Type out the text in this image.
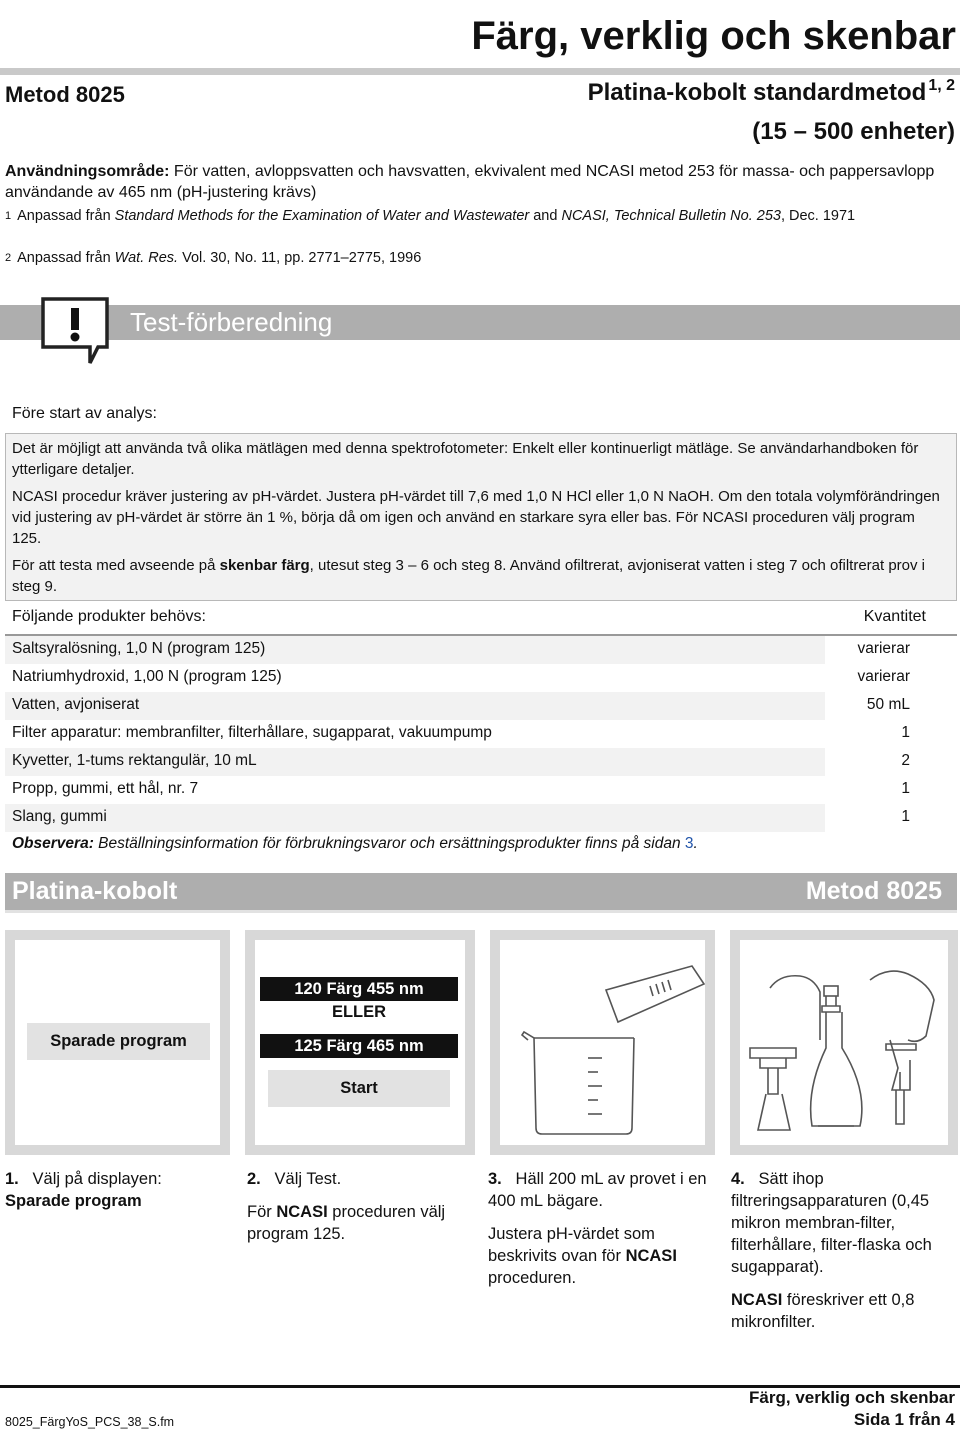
Färg, verklig och skenbar
Metod 8025	Platina-kobolt standardmetod $^{1, 2}$
(15 – 500 enheter)
Användningsområde: För vatten, avloppsvatten och havsvatten, ekvivalent med NCASI metod 253 för massa- och pappersavlopp användande av 465 nm (pH-justering krävs)
$^1$ Anpassad från Standard Methods for the Examination of Water and Wastewater and NCASI, Technical Bulletin No. 253, Dec. 1971
$^2$ Anpassad från Wat. Res. Vol. 30, No. 11, pp. 2771–2775, 1996
Test-förberedning
Före start av analys:
Det är möjligt att använda två olika mätlägen med denna spektrofotometer: Enkelt eller kontinuerligt mätläge. Se användarhandboken för ytterligare detaljer.
NCASI procedur kräver justering av pH-värdet. Justera pH-värdet till 7,6 med 1,0 N HCl eller 1,0 N NaOH. Om den totala volymförändringen vid justering av pH-värdet är större än 1 %, börja då om igen och använd en starkare syra eller bas. För NCASI proceduren välj program 125.
För att testa med avseende på skenbar färg, utesut steg 3 – 6 och steg 8. Använd ofiltrerat, avjoniserat vatten i steg 7 och ofiltrerat prov i steg 9.
Följande produkter behövs:	Kvantitet
Saltsyralösning, 1,0 N (program 125)	varierar
Natriumhydroxid, 1,00 N (program 125)	varierar
Vatten, avjoniserat	50 mL
Filter apparatur: membranfilter, filterhållare, sugapparat, vakuumpump	1
Kyvetter, 1-tums rektangulär, 10 mL	2
Propp, gummi, ett hål, nr. 7	1
Slang, gummi	1
Observera: Beställningsinformation för förbrukningsvaror och ersättningsprodukter finns på sidan 3.
Platina-kobolt	Metod 8025
Sparade program
120 Färg 455 nm
ELLER
125 Färg 465 nm
Start

1. Välj på displayen:
Sparade program

2. Välj Test.

För NCASI proceduren välj program 125.

3. Häll 200 mL av provet i en 400 mL bägare.

Justera pH-värdet som beskrivits ovan för NCASI proceduren.

4. Sätt ihop filtreringsapparaturen (0,45 mikron membran-filter, filterhållare, filter-flaska och sugapparat).

NCASI föreskriver ett 0,8 mikronfilter.

8025_FärgYoS_PCS_38_S.fm
Färg, verklig och skenbar
Sida 1 från 4
